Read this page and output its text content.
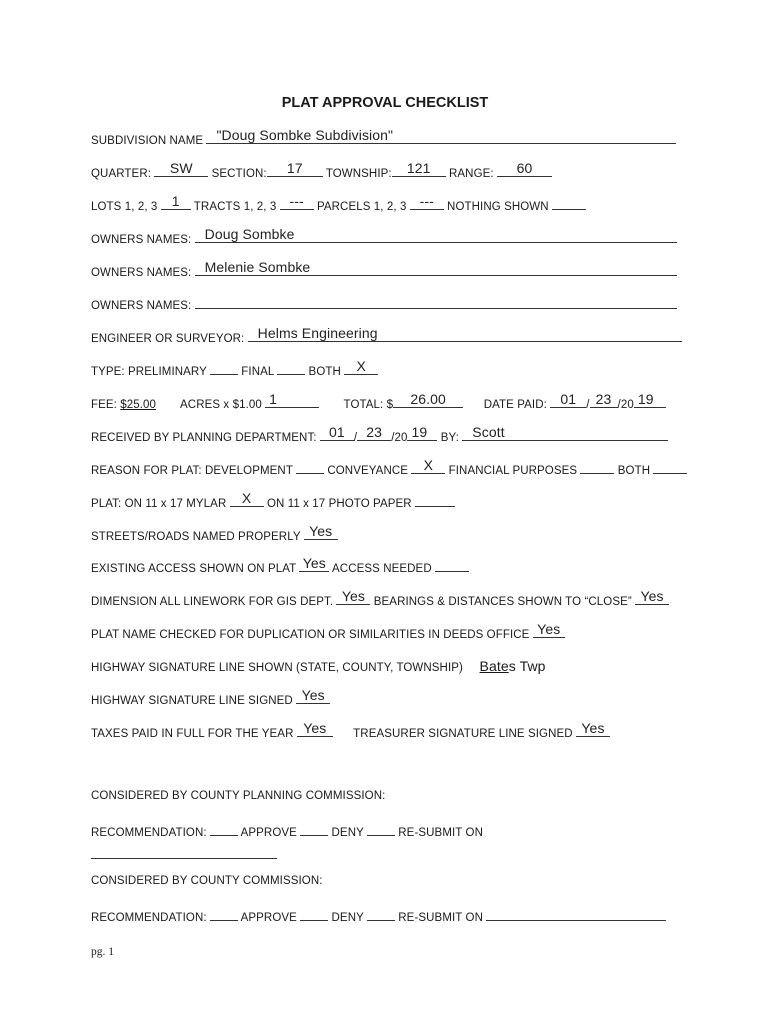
PLAT APPROVAL CHECKLIST
SUBDIVISION NAME "Doug Sombke Subdivision"
QUARTER:	SW	SECTION:	17	TOWNSHIP:	121	RANGE:	60
LOTS 1, 2, 3	1	TRACTS 1, 2, 3 ---	PARCELS 1, 2, 3 ---	NOTHING SHOWN
OWNERS NAMES: Doug Sombke
OWNERS NAMES: Melenie Sombke
OWNERS NAMES:
ENGINEER OR SURVEYOR: Helms Engineering
TYPE: PRELIMINARY	FINAL	BOTH	X
FEE: $25.00 ACRES x $1.00 1	TOTAL: $	26.00	DATE PAID: 01 / 23 /20 19
RECEIVED BY PLANNING DEPARTMENT: 01 / 23 /20 19	BY: Scott
REASON FOR PLAT: DEVELOPMENT	CONVEYANCE	X	FINANCIAL PURPOSES	BOTH
PLAT: ON 11 x 17 MYLAR	X	ON 11 x 17 PHOTO PAPER
STREETS/ROADS NAMED PROPERLY Yes
EXISTING ACCESS SHOWN ON PLAT Yes ACCESS NEEDED
DIMENSION ALL LINEWORK FOR GIS DEPT. Yes BEARINGS & DISTANCES SHOWN TO “CLOSE” Yes
PLAT NAME CHECKED FOR DUPLICATION OR SIMILARITIES IN DEEDS OFFICE Yes
HIGHWAY SIGNATURE LINE SHOWN (STATE, COUNTY, TOWNSHIP) Bates Twp
HIGHWAY SIGNATURE LINE SIGNED Yes
TAXES PAID IN FULL FOR THE YEAR Yes	TREASURER SIGNATURE LINE SIGNED Yes
CONSIDERED BY COUNTY PLANNING COMMISSION:
RECOMMENDATION:	APPROVE	DENY	RE-SUBMIT ON
CONSIDERED BY COUNTY COMMISSION:
RECOMMENDATION:	APPROVE	DENY	RE-SUBMIT ON
pg. 1
